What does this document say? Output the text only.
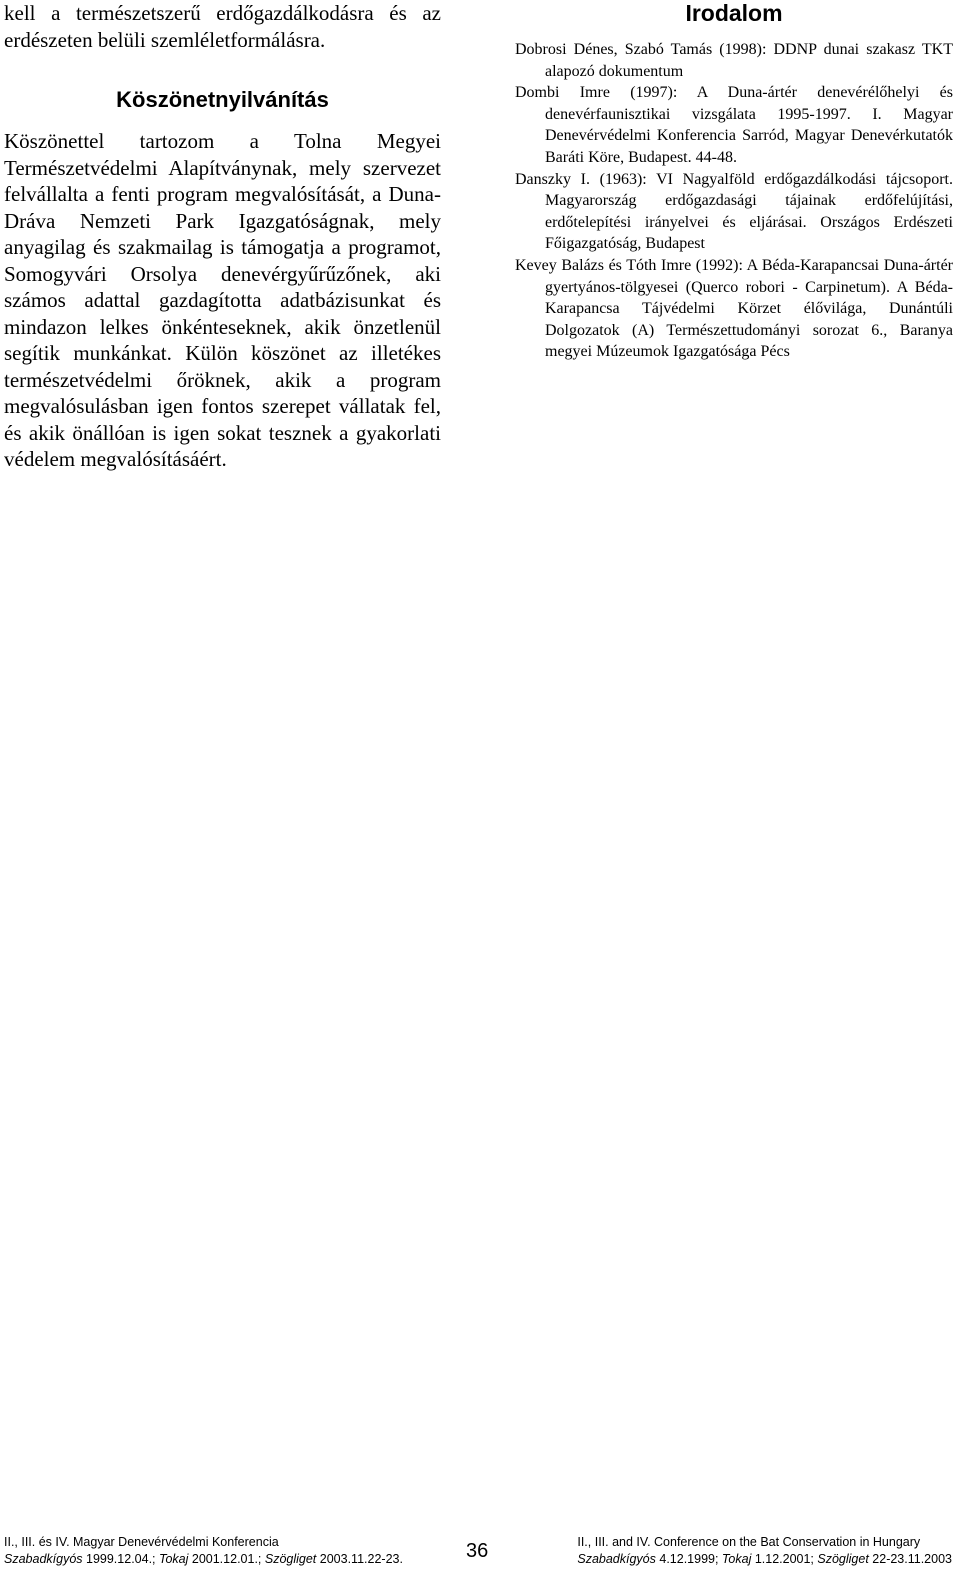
kell a természetszerű erdőgazdálkodásra és az erdészeten belüli szemléletformálásra.

Köszönetnyilvánítás

Köszönettel tartozom a Tolna Megyei Természetvédelmi Alapítványnak, mely szervezet felvállalta a fenti program megvalósítását, a Duna-Dráva Nemzeti Park Igazgatóságnak, mely anyagilag és szakmailag is támogatja a programot, Somogyvári Orsolya denevérgyűrűzőnek, aki számos adattal gazdagította adatbázisunkat és mindazon lelkes önkénteseknek, akik önzetlenül segítik munkánkat. Külön köszönet az illetékes természetvédelmi őröknek, akik a program megvalósulásban igen fontos szerepet vállatak fel, és akik önállóan is igen sokat tesznek a gyakorlati védelem megvalósításáért.

Irodalom

Dobrosi Dénes, Szabó Tamás (1998): DDNP dunai szakasz TKT alapozó dokumentum

Dombi Imre (1997): A Duna-ártér denevérélőhelyi és denevérfaunisztikai vizsgálata 1995-1997. I. Magyar Denevérvédelmi Konferencia Sarród, Magyar Denevérkutatók Baráti Köre, Budapest. 44-48.

Danszky I. (1963): VI Nagyalföld erdőgazdálkodási tájcsoport. Magyarország erdőgazdasági tájainak erdőfelújítási, erdőtelepítési irányelvei és eljárásai. Országos Erdészeti Főigazgatóság, Budapest

Kevey Balázs és Tóth Imre (1992): A Béda-Karapancsai Duna-ártér gyertyános-tölgyesei (Querco robori - Carpinetum). A Béda-Karapancsa Tájvédelmi Körzet élővilága, Dunántúli Dolgozatok (A) Természettudományi sorozat 6., Baranya megyei Múzeumok Igazgatósága Pécs

II., III. és IV. Magyar Denevérvédelmi Konferencia
Szabadkígyós 1999.12.04.; Tokaj 2001.12.01.; Szögliget 2003.11.22-23.	36	II., III. and IV. Conference on the Bat Conservation in Hungary
Szabadkígyós 4.12.1999; Tokaj 1.12.2001; Szögliget 22-23.11.2003
